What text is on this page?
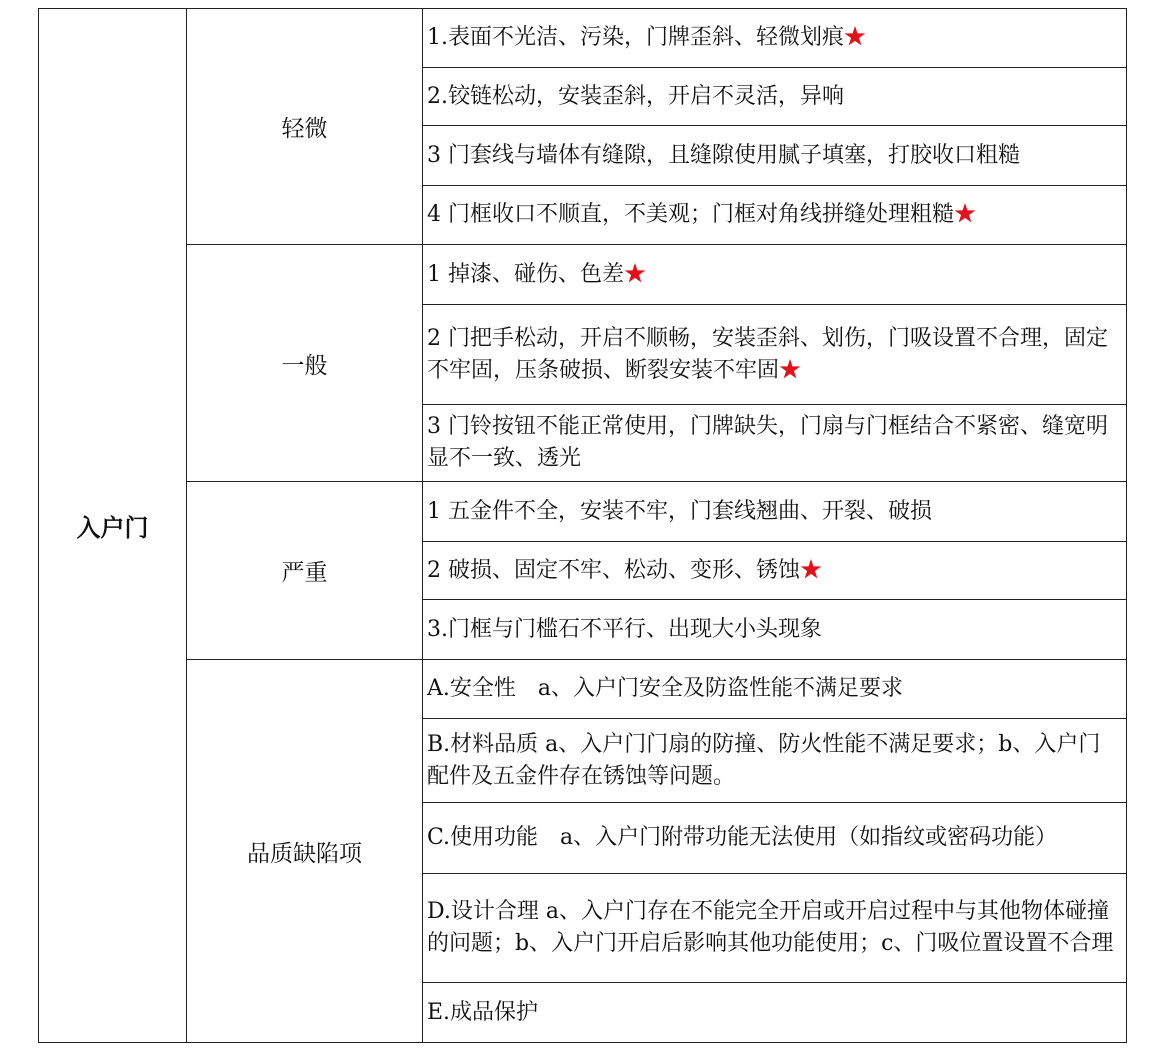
入户门	轻微	1.表面不光洁、污染，门牌歪斜、轻微划痕★
		2.铰链松动，安装歪斜，开启不灵活，异响
		3 门套线与墙体有缝隙，且缝隙使用腻子填塞，打胶收口粗糙
		4 门框收口不顺直，不美观；门框对角线拼缝处理粗糙★
	一般	1 掉漆、碰伤、色差★
		2 门把手松动，开启不顺畅，安装歪斜、划伤，门吸设置不合理，固定不牢固，压条破损、断裂安装不牢固★
		3 门铃按钮不能正常使用，门牌缺失，门扇与门框结合不紧密、缝宽明显不一致、透光
	严重	1 五金件不全，安装不牢，门套线翘曲、开裂、破损
		2 破损、固定不牢、松动、变形、锈蚀★
		3.门框与门槛石不平行、出现大小头现象
	品质缺陷项	A.安全性　a、入户门安全及防盗性能不满足要求
		B.材料品质 a、入户门门扇的防撞、防火性能不满足要求；b、入户门配件及五金件存在锈蚀等问题。
		C.使用功能　a、入户门附带功能无法使用（如指纹或密码功能）
		D.设计合理 a、入户门存在不能完全开启或开启过程中与其他物体碰撞的问题；b、入户门开启后影响其他功能使用；c、门吸位置设置不合理
		E.成品保护
